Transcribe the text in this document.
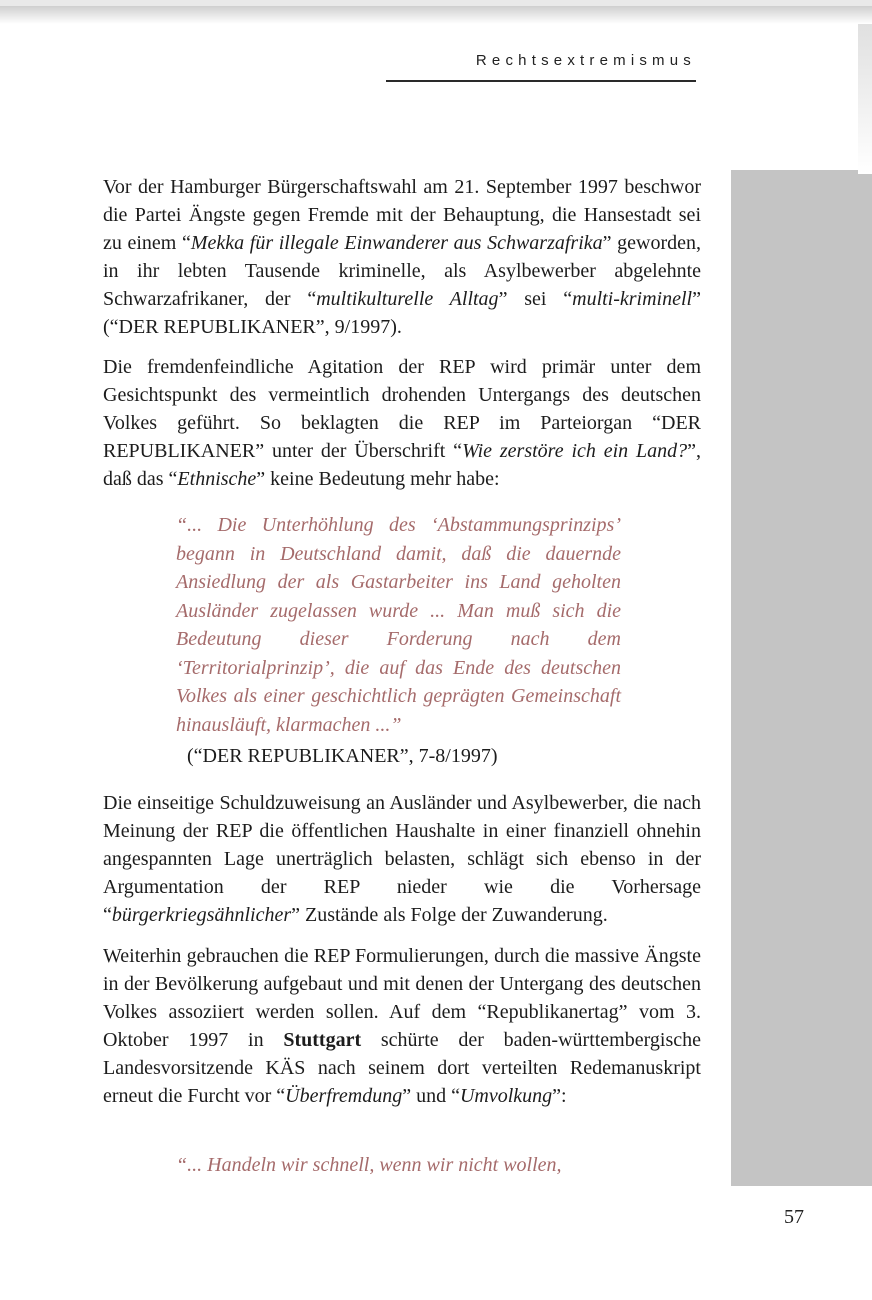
Rechtsextremismus

Vor der Hamburger Bürgerschaftswahl am 21. September 1997 beschwor die Partei Ängste gegen Fremde mit der Behauptung, die Hansestadt sei zu einem “Mekka für illegale Einwanderer aus Schwarzafrika” geworden, in ihr lebten Tausende kriminelle, als Asylbewerber abgelehnte Schwarzafrikaner, der “multikulturelle Alltag” sei “multi-kriminell” (“DER REPUBLIKANER”, 9/1997).

Die fremdenfeindliche Agitation der REP wird primär unter dem Gesichtspunkt des vermeintlich drohenden Untergangs des deutschen Volkes geführt. So beklagten die REP im Parteiorgan “DER REPUBLIKANER” unter der Überschrift “Wie zerstöre ich ein Land?”, daß das “Ethnische” keine Bedeutung mehr habe:

“... Die Unterhöhlung des ‘Abstammungsprinzips’ begann in Deutschland damit, daß die dauernde Ansiedlung der als Gastarbeiter ins Land geholten Ausländer zugelassen wurde ... Man muß sich die Bedeutung dieser Forderung nach dem ‘Territorialprinzip’, die auf das Ende des deutschen Volkes als einer geschichtlich geprägten Gemeinschaft hinausläuft, klarmachen ...”

(“DER REPUBLIKANER”, 7-8/1997)

Die einseitige Schuldzuweisung an Ausländer und Asylbewerber, die nach Meinung der REP die öffentlichen Haushalte in einer finanziell ohnehin angespannten Lage unerträglich belasten, schlägt sich ebenso in der Argumentation der REP nieder wie die Vorhersage “bürgerkriegsähnlicher” Zustände als Folge der Zuwanderung.

Weiterhin gebrauchen die REP Formulierungen, durch die massive Ängste in der Bevölkerung aufgebaut und mit denen der Untergang des deutschen Volkes assoziiert werden sollen. Auf dem “Republikanertag” vom 3. Oktober 1997 in Stuttgart schürte der baden-württembergische Landesvorsitzende KÄS nach seinem dort verteilten Redemanuskript erneut die Furcht vor “Überfremdung” und “Umvolkung”:

“... Handeln wir schnell, wenn wir nicht wollen,

57
